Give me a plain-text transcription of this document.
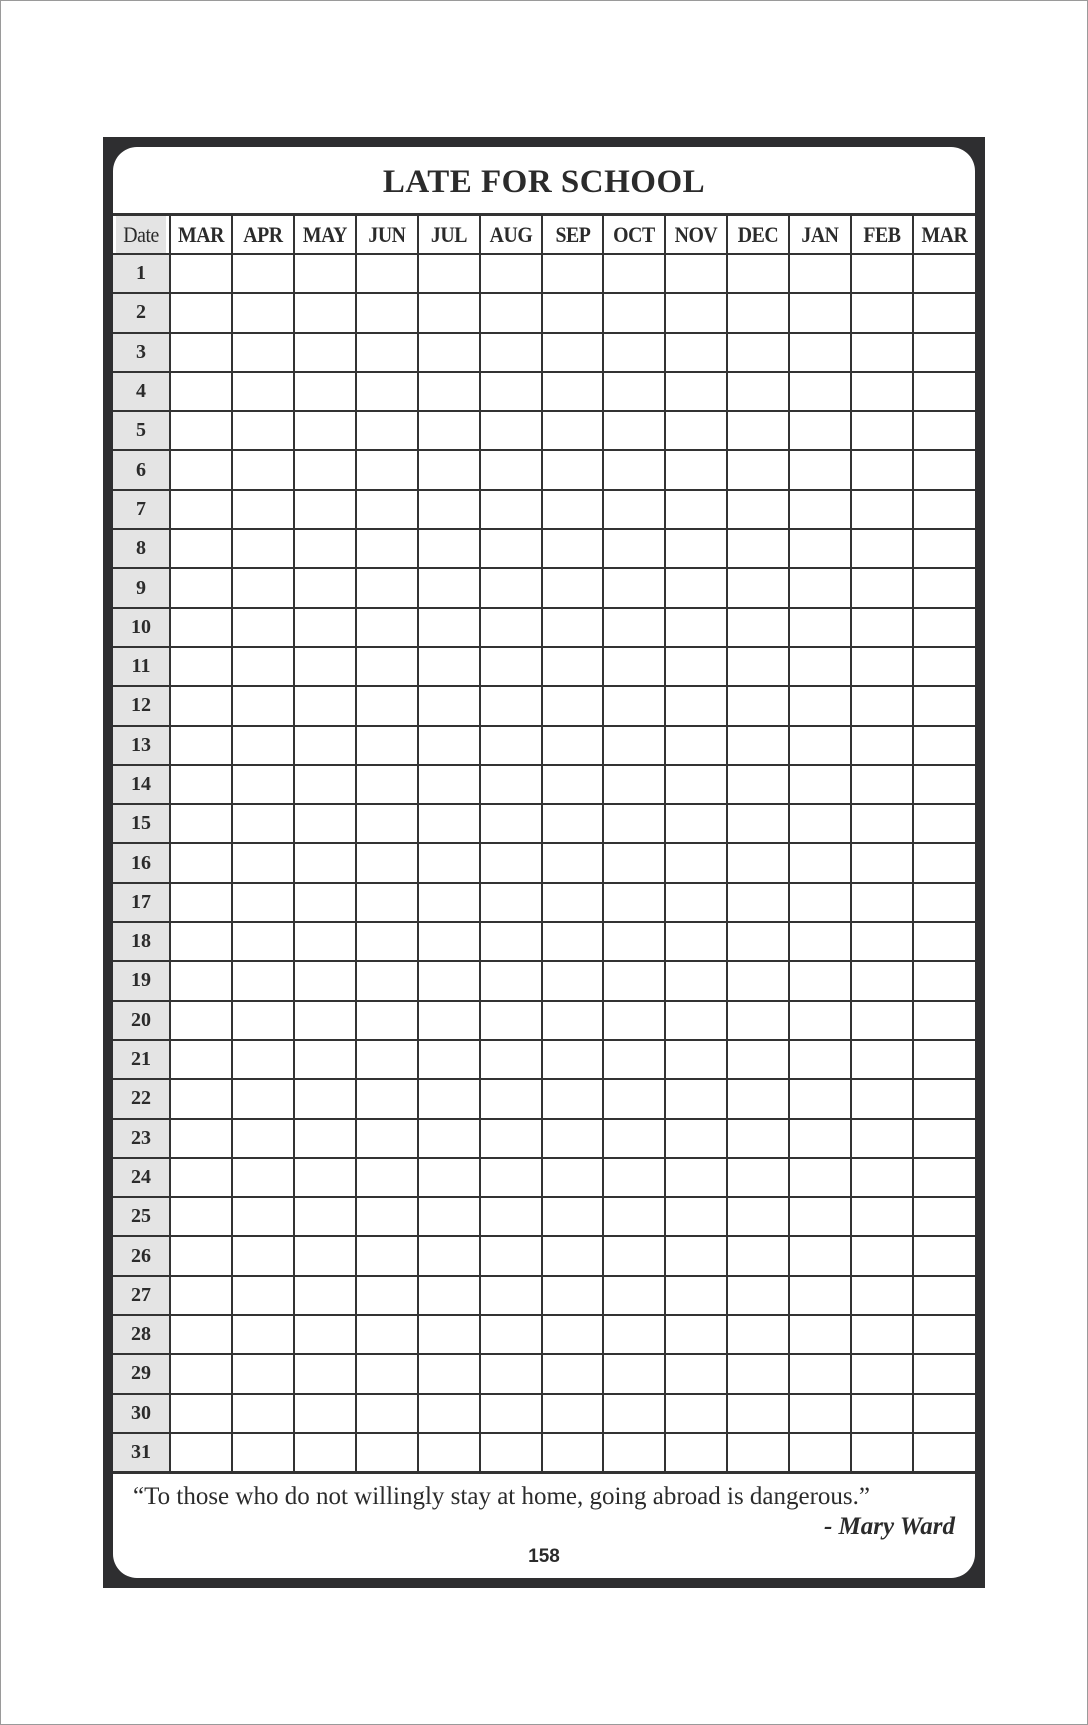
LATE FOR SCHOOL
Date	MAR	APR	MAY	JUN	JUL	AUG	SEP	OCT	NOV	DEC	JAN	FEB	MAR
1													
2													
3													
4													
5													
6													
7													
8													
9													
10													
11													
12													
13													
14													
15													
16													
17													
18													
19													
20													
21													
22													
23													
24													
25													
26													
27													
28													
29													
30													
31													
“To those who do not willingly stay at home, going abroad is dangerous.”
- Mary Ward
158
